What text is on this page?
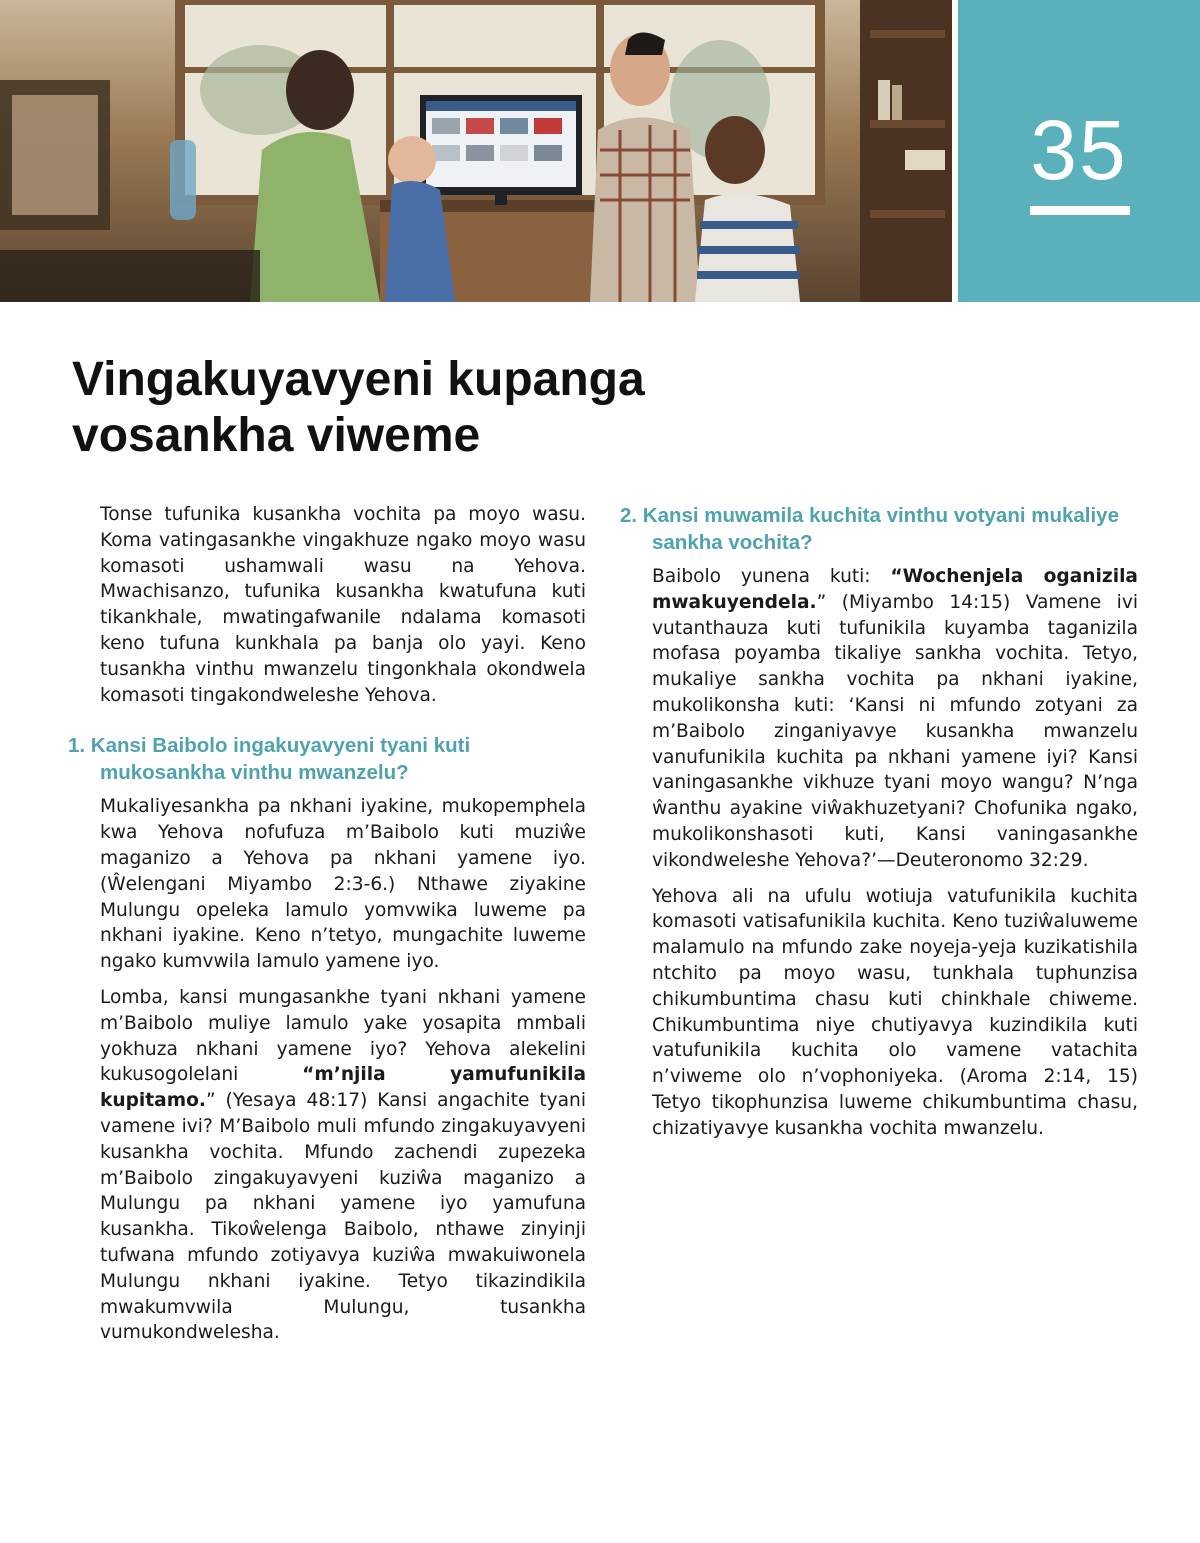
35
Vingakuyavyeni kupanga vosankha viweme

Tonse tufunika kusankha vochita pa moyo wasu. Koma vatingasankhe vingakhuze ngako moyo wasu komasoti ushamwali wasu na Yehova. Mwachisanzo, tufunika kusankha kwatufuna kuti tikankhale, mwatingafwanile ndalama komasoti keno tufuna kunkhala pa banja olo yayi. Keno tusankha vinthu mwanzelu tingonkhala okondwela komasoti tingakondweleshe Yehova.

1. Kansi Baibolo ingakuyavyeni tyani kuti mukosankha vinthu mwanzelu?

Mukaliyesankha pa nkhani iyakine, mukopemphela kwa Yehova nofufuza m’Baibolo kuti muziŵe maganizo a Yehova pa nkhani yamene iyo. (Ŵelengani Miyambo 2:3-6.) Nthawe ziyakine Mulungu opeleka lamulo yomvwika luweme pa nkhani iyakine. Keno n’tetyo, mungachite luweme ngako kumvwila lamulo yamene iyo.

Lomba, kansi mungasankhe tyani nkhani yamene m’Baibolo muliye lamulo yake yosapita mmbali yokhuza nkhani yamene iyo? Yehova alekelini kukusogolelani “m’njila yamufunikila kupitamo.” (Yesaya 48:17) Kansi angachite tyani vamene ivi? M’Baibolo muli mfundo zingakuyavyeni kusankha vochita. Mfundo zachendi zupezeka m’Baibolo zingakuyavyeni kuziŵa maganizo a Mulungu pa nkhani yamene iyo yamufuna kusankha. Tikoŵelenga Baibolo, nthawe zinyinji tufwana mfundo zotiyavya kuziŵa mwakuiwonela Mulungu nkhani iyakine. Tetyo tikazindikila mwakumvwila Mulungu, tusankha vumukondwelesha.

2. Kansi muwamila kuchita vinthu votyani mukaliye sankha vochita?

Baibolo yunena kuti: “Wochenjela oganizila mwakuyendela.” (Miyambo 14:15) Vamene ivi vutanthauza kuti tufunikila kuyamba taganizila mofasa poyamba tikaliye sankha vochita. Tetyo, mukaliye sankha vochita pa nkhani iyakine, mukolikonsha kuti: ‘Kansi ni mfundo zotyani za m’Baibolo zinganiyavye kusankha mwanzelu vanufunikila kuchita pa nkhani yamene iyi? Kansi vaningasankhe vikhuze tyani moyo wangu? N’nga ŵanthu ayakine viŵakhuzetyani? Chofunika ngako, mukolikonshasoti kuti, Kansi vaningasankhe vikondweleshe Yehova?’—Deuteronomo 32:29.

Yehova ali na ufulu wotiuja vatufunikila kuchita komasoti vatisafunikila kuchita. Keno tuziŵaluweme malamulo na mfundo zake noyeja-yeja kuzikatishila ntchito pa moyo wasu, tunkhala tuphunzisa chikumbuntima chasu kuti chinkhale chiweme. Chikumbuntima niye chutiyavya kuzindikila kuti vatufunikila kuchita olo vamene vatachita n’viweme olo n’vophoniyeka. (Aroma 2:14, 15) Tetyo tikophunzisa luweme chikumbuntima chasu, chizatiyavye kusankha vochita mwanzelu.
